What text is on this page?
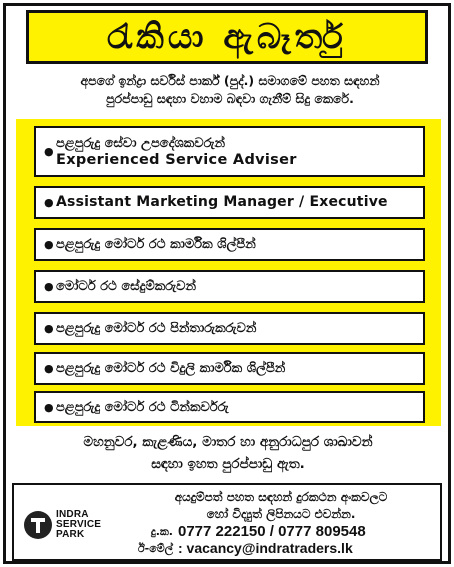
රැකියා ඇබෑර්තු
අපගේ ඉන්ද්‍රා සර්විස් පාර්ක් (පුද්.) සමාගමේ පහත සඳහන්
පුරප්පාඩු සඳහා වහාම බඳවා ගැනීම් සිදු කෙරේ.
●
පළපුරුදු සේවා උපදේශකවරුන්
Experienced Service Adviser
● Assistant Marketing Manager / Executive
● පළපුරුදු මෝටර් රථ කාර්මික ශිල්පීන්
● මෝටර් රථ සේදුම්කරුවන්
● පළපුරුදු මෝටර් රථ පින්තාරුකරුවන්
● පළපුරුදු මෝටර් රථ විදුලි කාර්මික ශිල්පීන්
● පළපුරුදු මෝටර් රථ ටින්කර්වරු
මහනුවර, කැළණිය, මාතර හා අනුරාධපුර ශාඛාවන්
සඳහා ඉහත පුරප්පාඩු ඇත.
INDRA
SERVICE
PARK
අයදුම්පත් පහත සඳහන් දුරකථන අංකවලට
හෝ විද්‍යුත් ලිපිනයට එවන්න.
දු.ක. 0777 222150 / 0777 809548
ඊ-මේල් : vacancy@indratraders.lk
